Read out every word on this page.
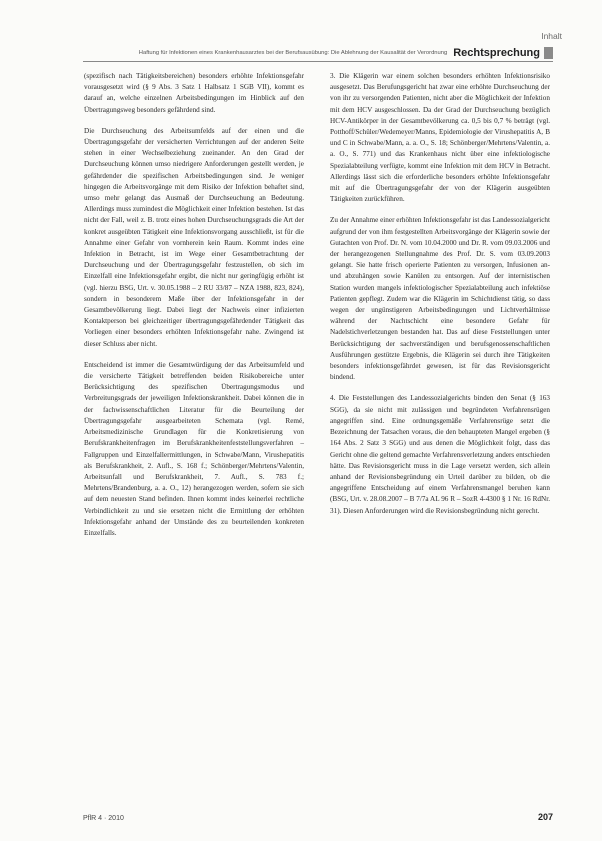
Inhalt
Haftung für Infektionen eines Krankenhausarztes bei der Berufsausübung: Die Ablehnung der Kausalität der Verordnung Rechtsprechung

(spezifisch nach Tätigkeitsbereichen) besonders erhöhte Infektionsgefahr vorausgesetzt wird (§ 9 Abs. 3 Satz 1 Halbsatz 1 SGB VII), kommt es darauf an, welche einzelnen Arbeitsbedingungen im Hinblick auf den Übertragungsweg besonders gefährdend sind.

Die Durchseuchung des Arbeitsumfelds auf der einen und die Übertragungsgefahr der versicherten Verrichtungen auf der anderen Seite stehen in einer Wechselbeziehung zueinander. An den Grad der Durchseuchung können umso niedrigere Anforderungen gestellt werden, je gefährdender die spezifischen Arbeitsbedingungen sind. Je weniger hingegen die Arbeitsvorgänge mit dem Risiko der Infektion behaftet sind, umso mehr gelangt das Ausmaß der Durchseuchung an Bedeutung. Allerdings muss zumindest die Möglichkeit einer Infektion bestehen. Ist das nicht der Fall, weil z. B. trotz eines hohen Durchseuchungsgrads die Art der konkret ausgeübten Tätigkeit eine Infektionsvorgang ausschließt, ist für die Annahme einer Gefahr von vornherein kein Raum. Kommt indes eine Infektion in Betracht, ist im Wege einer Gesamtbetrachtung der Durchseuchung und der Übertragungsgefahr festzustellen, ob sich im Einzelfall eine Infektionsgefahr ergibt, die nicht nur geringfügig erhöht ist (vgl. hierzu BSG, Urt. v. 30.05.1988 – 2 RU 33/87 – NZA 1988, 823, 824), sondern in besonderem Maße über der Infektionsgefahr in der Gesamtbevölkerung liegt. Dabei liegt der Nachweis einer infizierten Kontaktperson bei gleichzeitiger übertragungsgefährdender Tätigkeit das Vorliegen einer besonders erhöhten Infektionsgefahr nahe. Zwingend ist dieser Schluss aber nicht.

Entscheidend ist immer die Gesamtwürdigung der das Arbeitsumfeld und die versicherte Tätigkeit betreffenden beiden Risikobereiche unter Berücksichtigung des spezifischen Übertragungsmodus und Verbreitungsgrads der jeweiligen Infektionskrankheit. Dabei können die in der fachwissenschaftlichen Literatur für die Beurteilung der Übertragungsgefahr ausgearbeiteten Schemata (vgl. Remé, Arbeitsmedizinische Grundlagen für die Konkretisierung von Berufskrankheitenfragen im Berufskrankheitenfeststellungsverfahren – Fallgruppen und Einzelfallermittlungen, in Schwabe/Mann, Virushepatitis als Berufskrankheit, 2. Aufl., S. 168 f.; Schönberger/Mehrtens/Valentin, Arbeitsunfall und Berufskrankheit, 7. Aufl., S. 783 f.; Mehrtens/Brandenburg, a. a. O., 12) herangezogen werden, sofern sie sich auf dem neuesten Stand befinden. Ihnen kommt indes keinerlei rechtliche Verbindlichkeit zu und sie ersetzen nicht die Ermittlung der erhöhten Infektionsgefahr anhand der Umstände des zu beurteilenden konkreten Einzelfalls.

3. Die Klägerin war einem solchen besonders erhöhten Infektionsrisiko ausgesetzt. Das Berufungsgericht hat zwar eine erhöhte Durchseuchung der von ihr zu versorgenden Patienten, nicht aber die Möglichkeit der Infektion mit dem HCV ausgeschlossen. Da der Grad der Durchseuchung bezüglich HCV-Antikörper in der Gesamtbevölkerung ca. 0,5 bis 0,7 % beträgt (vgl. Potthoff/Schüler/Wedemeyer/Manns, Epidemiologie der Virushepatitis A, B und C in Schwabe/Mann, a. a. O., S. 18; Schönberger/Mehrtens/Valentin, a. a. O., S. 771) und das Krankenhaus nicht über eine infektiologische Spezialabteilung verfügte, kommt eine Infektion mit dem HCV in Betracht. Allerdings lässt sich die erforderliche besonders erhöhte Infektionsgefahr mit auf die Übertragungsgefahr der von der Klägerin ausgeübten Tätigkeiten zurückführen.

Zu der Annahme einer erhöhten Infektionsgefahr ist das Landessozialgericht aufgrund der von ihm festgestellten Arbeitsvorgänge der Klägerin sowie der Gutachten von Prof. Dr. N. vom 10.04.2000 und Dr. R. vom 09.03.2006 und der herangezogenen Stellungnahme des Prof. Dr. S. vom 03.09.2003 gelangt. Sie hatte frisch operierte Patienten zu versorgen, Infusionen an- und abzuhängen sowie Kanülen zu entsorgen. Auf der internistischen Station wurden mangels infektiologischer Spezialabteilung auch infektiöse Patienten gepflegt. Zudem war die Klägerin im Schichtdienst tätig, so dass wegen der ungünstigeren Arbeitsbedingungen und Lichtverhältnisse während der Nachtschicht eine besondere Gefahr für Nadelstichverletzungen bestanden hat. Das auf diese Feststellungen unter Berücksichtigung der sachverständigen und berufsgenossenschaftlichen Ausführungen gestützte Ergebnis, die Klägerin sei durch ihre Tätigkeiten besonders infektionsgefährdet gewesen, ist für das Revisionsgericht bindend.

4. Die Feststellungen des Landessozialgerichts binden den Senat (§ 163 SGG), da sie nicht mit zulässigen und begründeten Verfahrensrügen angegriffen sind. Eine ordnungsgemäße Verfahrensrüge setzt die Bezeichnung der Tatsachen voraus, die den behaupteten Mangel ergeben (§ 164 Abs. 2 Satz 3 SGG) und aus denen die Möglichkeit folgt, dass das Gericht ohne die geltend gemachte Verfahrensverletzung anders entschieden hätte. Das Revisionsgericht muss in die Lage versetzt werden, sich allein anhand der Revisionsbegründung ein Urteil darüber zu bilden, ob die angegriffene Entscheidung auf einem Verfahrensmangel beruhen kann (BSG, Urt. v. 28.08.2007 – B 7/7a AL 96 R – SozR 4-4300 § 1 Nr. 16 RdNr. 31). Diesen Anforderungen wird die Revisionsbegründung nicht gerecht.

PflR 4 · 2010	207
